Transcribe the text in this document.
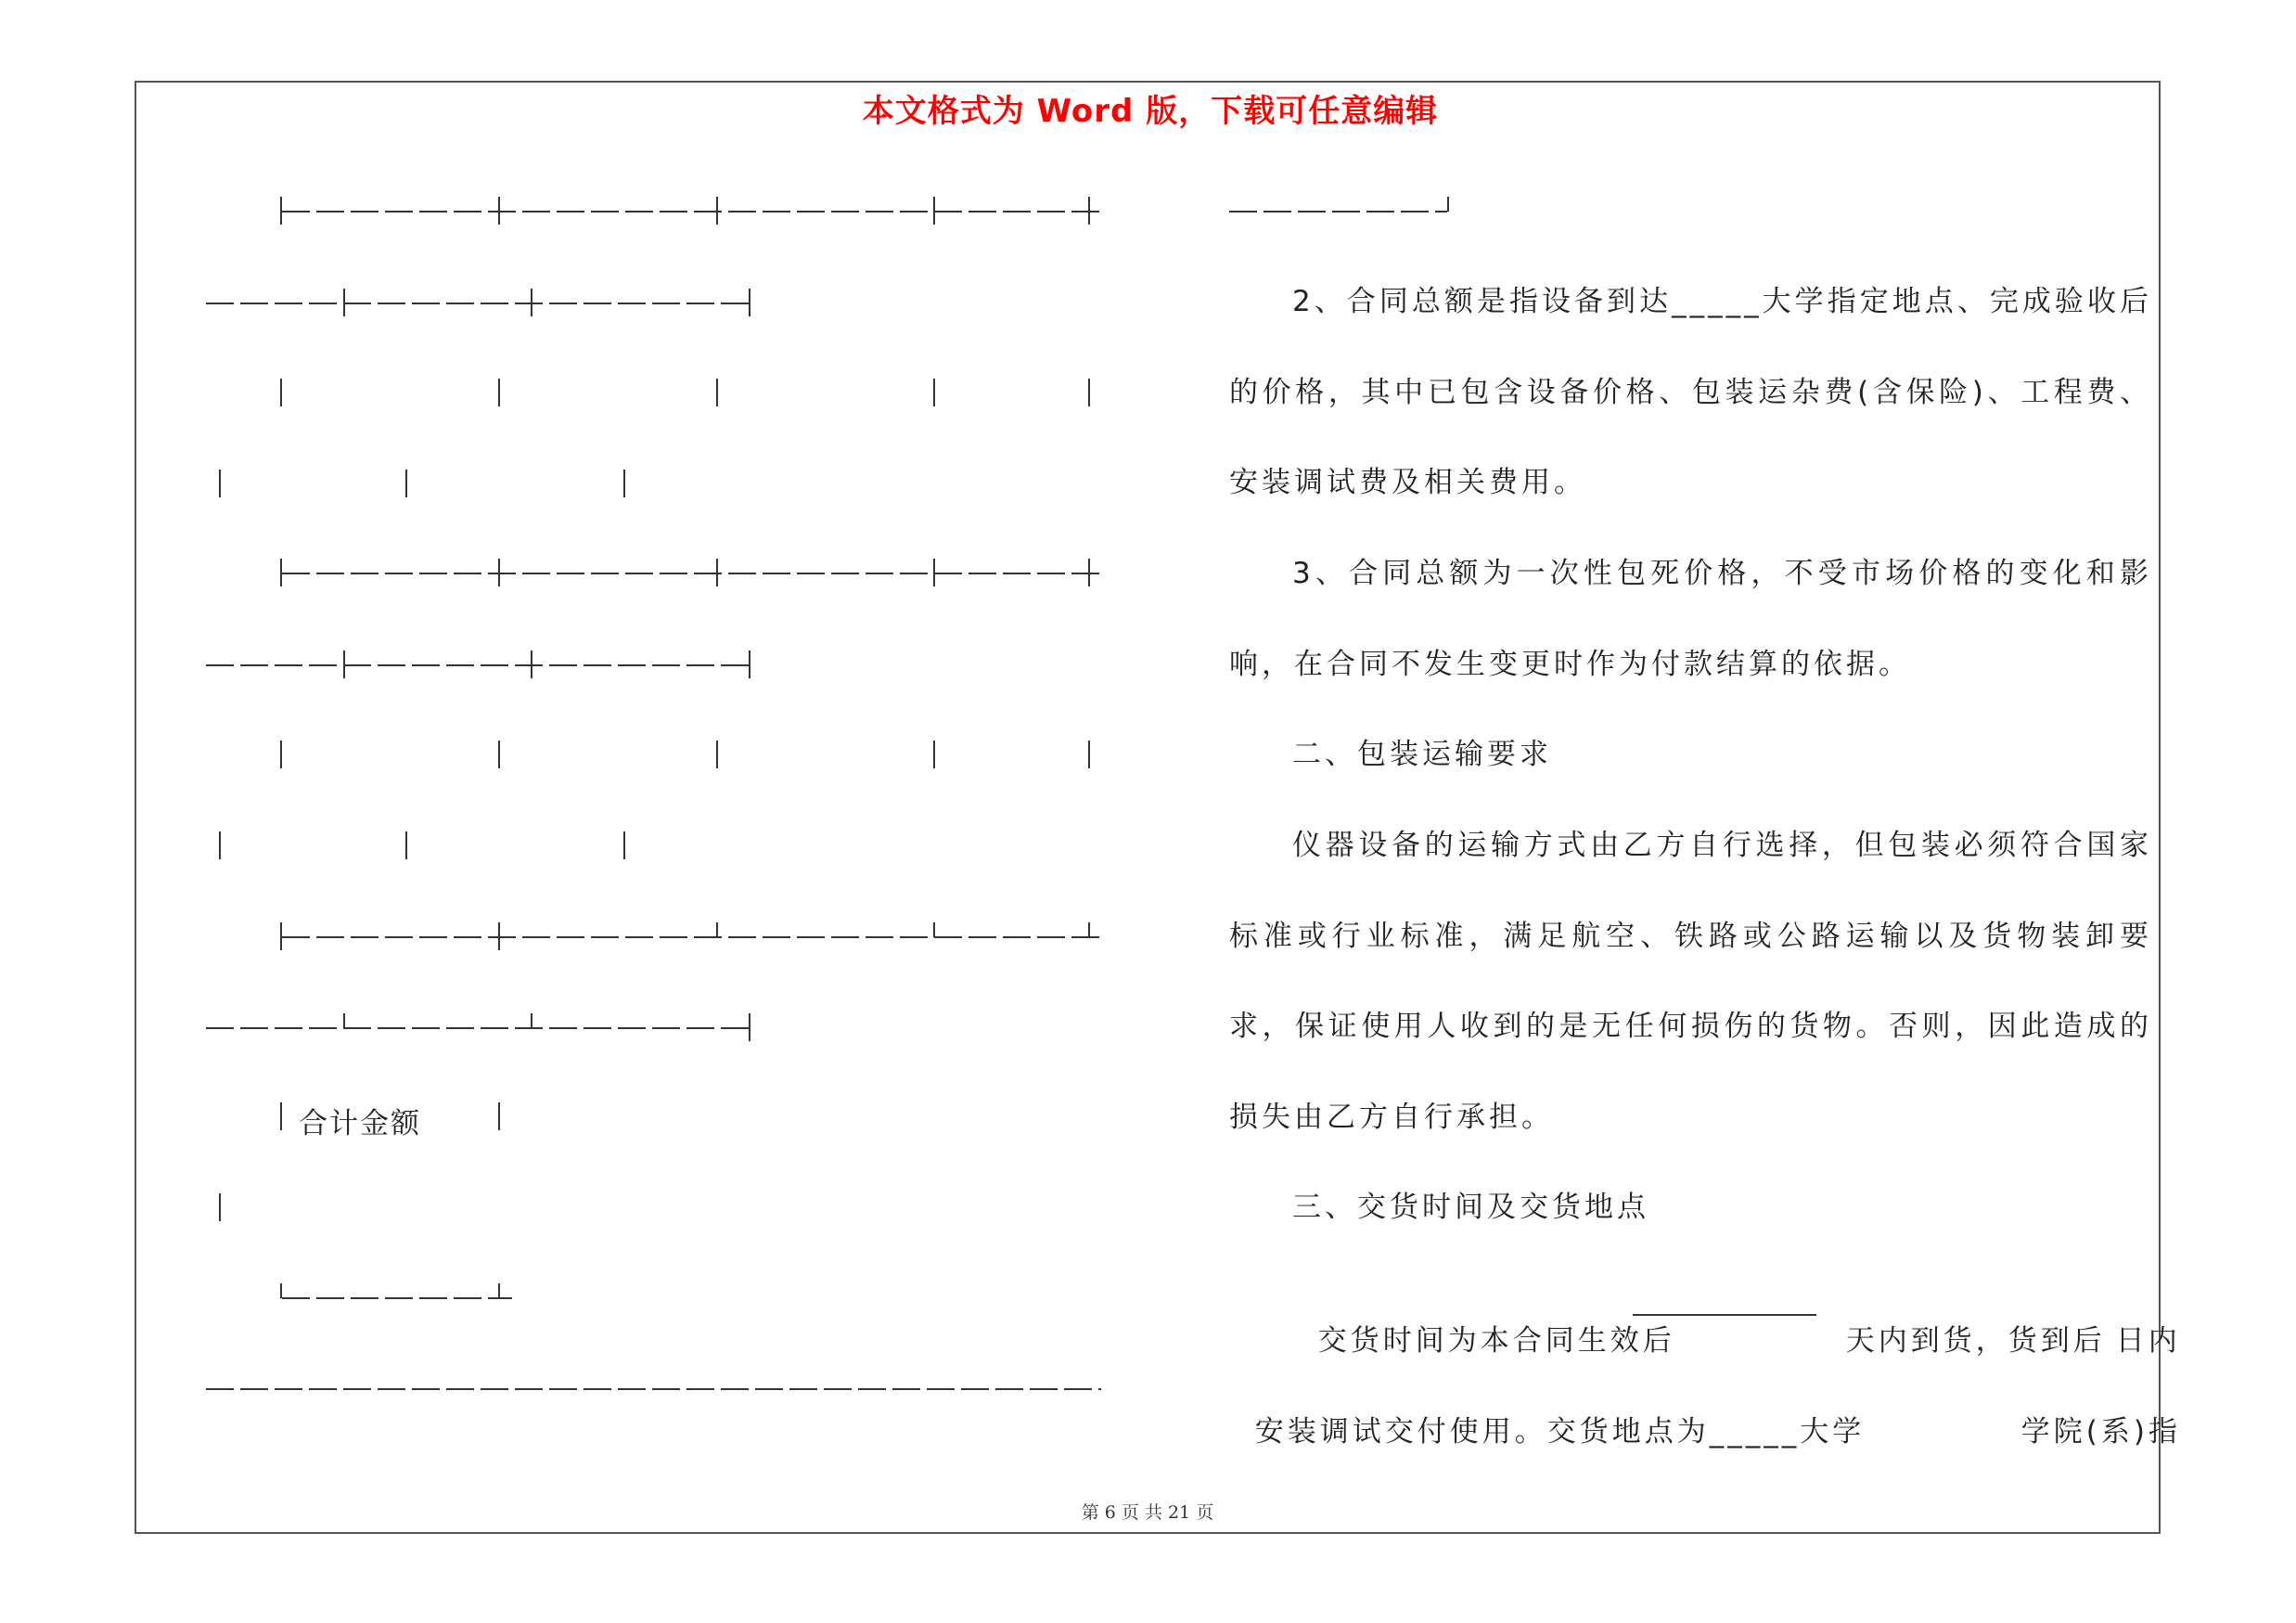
本文格式为 Word 版，下载可任意编辑
合计金额
2、合同总额是指设备到达_____大学指定地点、完成验收后的价格，其中已包含设备价格、包装运杂费(含保险)、工程费、安装调试费及相关费用。
3、合同总额为一次性包死价格，不受市场价格的变化和影响，在合同不发生变更时作为付款结算的依据。
二、包装运输要求
仪器设备的运输方式由乙方自行选择，但包装必须符合国家标准或行业标准，满足航空、铁路或公路运输以及货物装卸要求，保证使用人收到的是无任何损伤的货物。否则，因此造成的损失由乙方自行承担。
三、交货时间及交货地点

交货时间为本合同生效后	天内到货，货到后 日内

安装调试交付使用。交货地点为_____大学	学院(系)指

第 6 页 共 21 页
